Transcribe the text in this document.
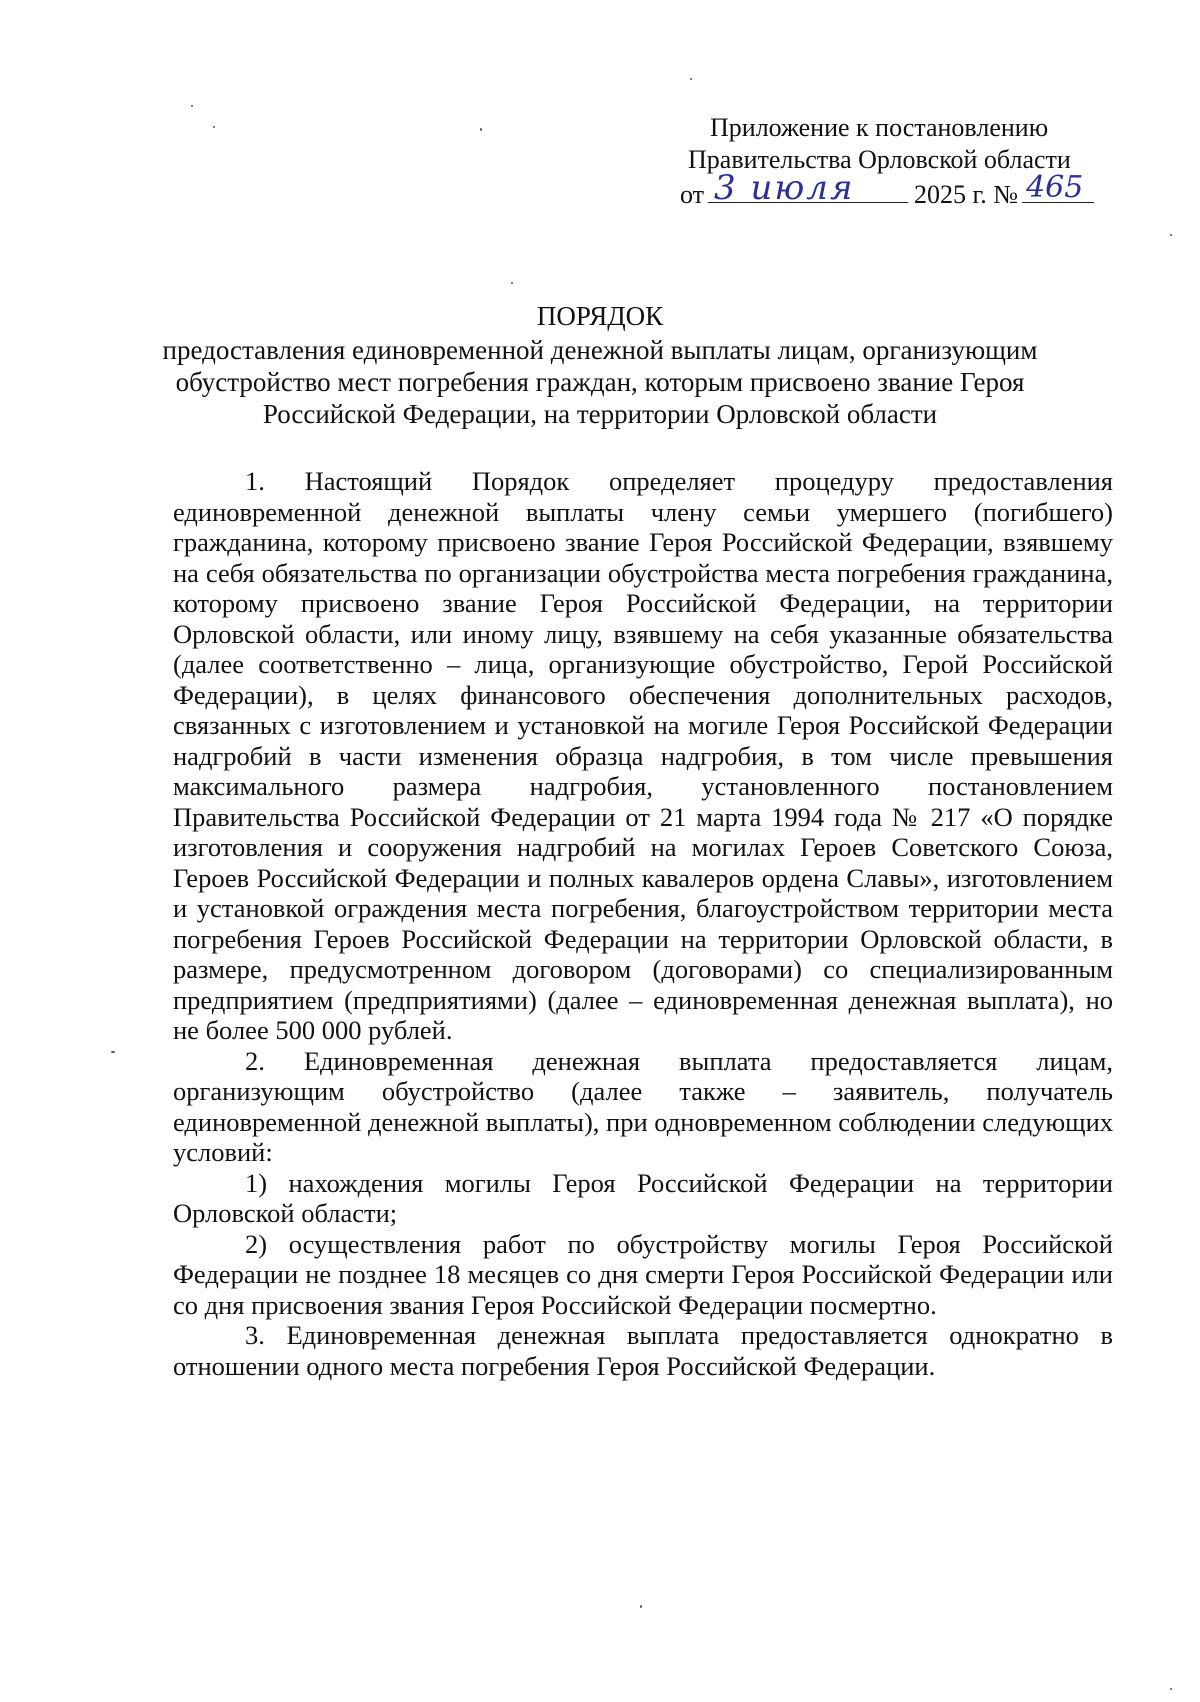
Приложение к постановлению
Правительства Орловской области
от 3 июля 2025 г. № 465
ПОРЯДОК
предоставления единовременной денежной выплаты лицам, организующим обустройство мест погребения граждан, которым присвоено звание Героя Российской Федерации, на территории Орловской области

1. Настоящий Порядок определяет процедуру предоставления единовременной денежной выплаты члену семьи умершего (погибшего) гражданина, которому присвоено звание Героя Российской Федерации, взявшему на себя обязательства по организации обустройства места погребения гражданина, которому присвоено звание Героя Российской Федерации, на территории Орловской области, или иному лицу, взявшему на себя указанные обязательства (далее соответственно – лица, организующие обустройство, Герой Российской Федерации), в целях финансового обеспечения дополнительных расходов, связанных с изготовлением и установкой на могиле Героя Российской Федерации надгробий в части изменения образца надгробия, в том числе превышения максимального размера надгробия, установленного постановлением Правительства Российской Федерации от 21 марта 1994 года № 217 «О порядке изготовления и сооружения надгробий на могилах Героев Советского Союза, Героев Российской Федерации и полных кавалеров ордена Славы», изготовлением и установкой ограждения места погребения, благоустройством территории места погребения Героев Российской Федерации на территории Орловской области, в размере, предусмотренном договором (договорами) со специализированным предприятием (предприятиями) (далее – единовременная денежная выплата), но не более 500 000 рублей.

2. Единовременная денежная выплата предоставляется лицам, организующим обустройство (далее также – заявитель, получатель единовременной денежной выплаты), при одновременном соблюдении следующих условий:

1) нахождения могилы Героя Российской Федерации на территории Орловской области;

2) осуществления работ по обустройству могилы Героя Российской Федерации не позднее 18 месяцев со дня смерти Героя Российской Федерации или со дня присвоения звания Героя Российской Федерации посмертно.

3. Единовременная денежная выплата предоставляется однократно в отношении одного места погребения Героя Российской Федерации.
